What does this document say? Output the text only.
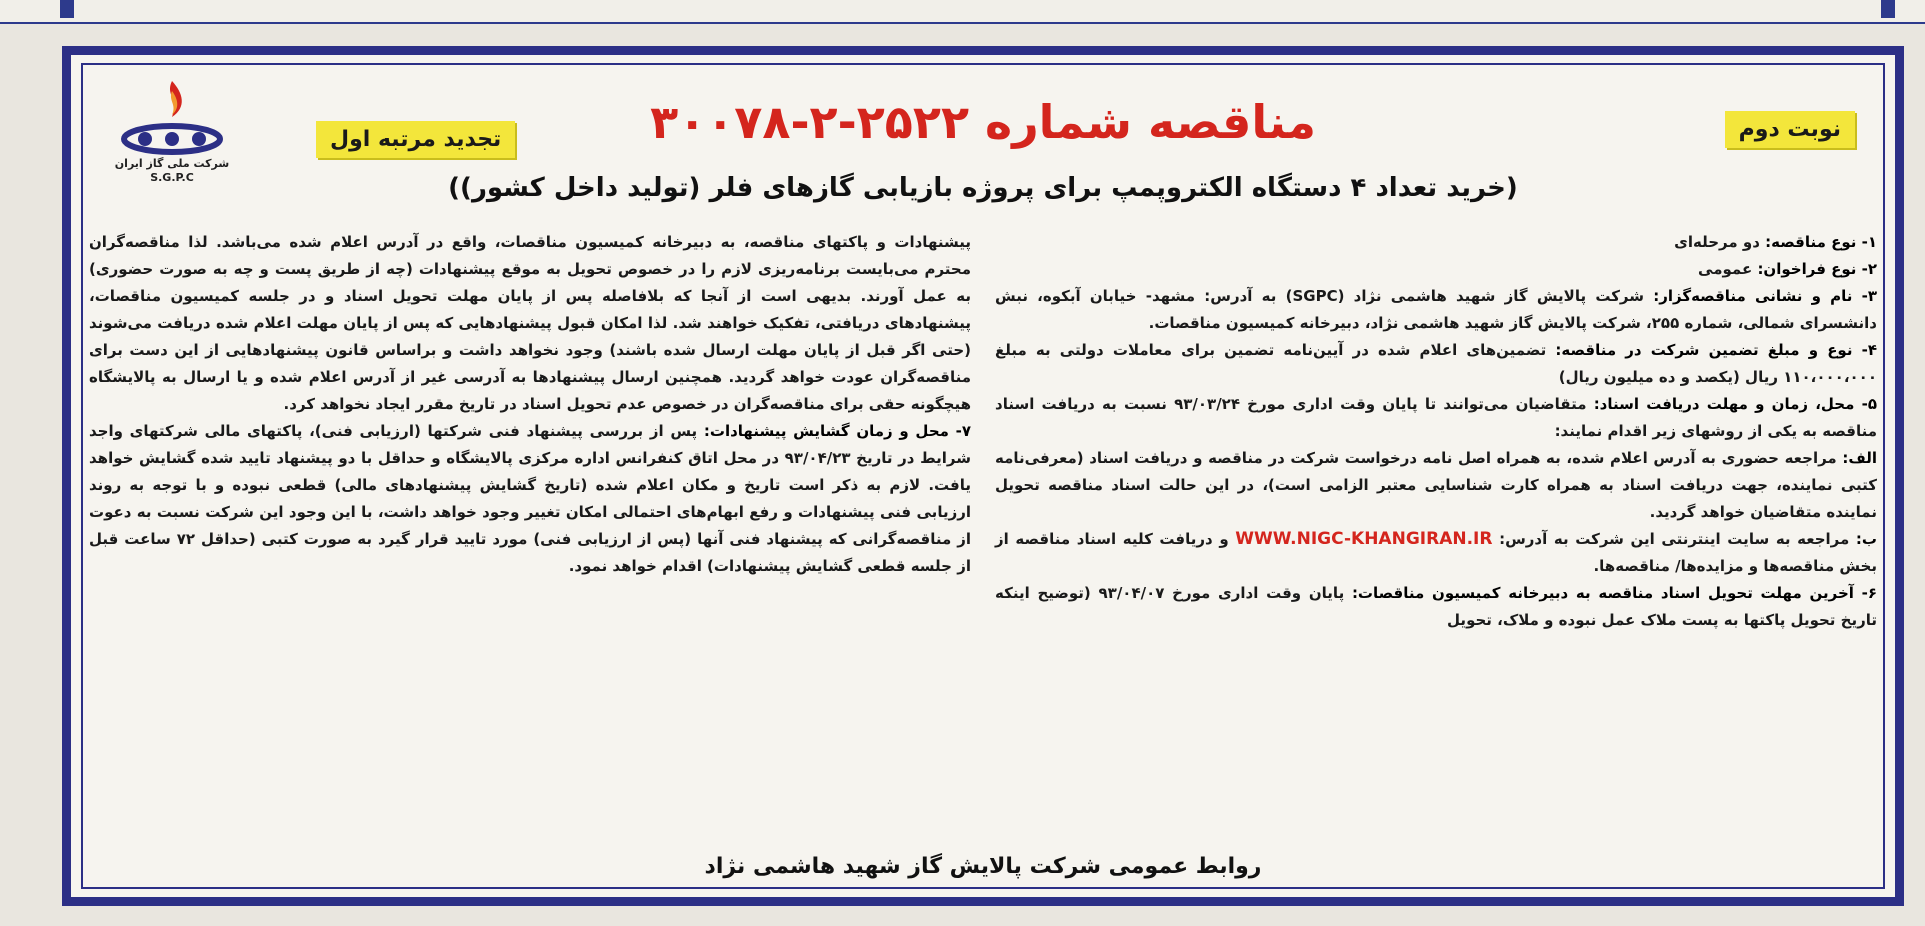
شرکت ملی گاز ایران
S.G.P.C
تجدید مرتبه اول	نوبت دوم
مناقصه شماره ۲۵۲۲-۲-۳۰۰۷۸
(خرید تعداد ۴ دستگاه الکتروپمپ برای پروژه بازیابی گازهای فلر (تولید داخل کشور))

۱- نوع مناقصه: دو مرحله‌ای

۲- نوع فراخوان: عمومی

۳- نام و نشانی مناقصه‌گزار: شرکت پالایش گاز شهید هاشمی نژاد (SGPC) به آدرس: مشهد- خیابان آبکوه، نبش دانشسرای شمالی، شماره ۲۵۵، شرکت پالایش گاز شهید هاشمی نژاد، دبیرخانه کمیسیون مناقصات.

۴- نوع و مبلغ تضمین شرکت در مناقصه: تضمین‌های اعلام شده در آیین‌نامه تضمین برای معاملات دولتی به مبلغ ۱۱۰،۰۰۰،۰۰۰ ریال (یکصد و ده میلیون ریال)

۵- محل، زمان و مهلت دریافت اسناد: متقاضیان می‌توانند تا پایان وقت اداری مورخ ۹۳/۰۳/۲۴ نسبت به دریافت اسناد مناقصه به یکی از روشهای زیر اقدام نمایند:

الف: مراجعه حضوری به آدرس اعلام شده، به همراه اصل نامه درخواست شرکت در مناقصه و دریافت اسناد (معرفی‌نامه کتبی نماینده، جهت دریافت اسناد به همراه کارت شناسایی معتبر الزامی است)، در این حالت اسناد مناقصه تحویل نماینده متقاضیان خواهد گردید.

ب: مراجعه به سایت اینترنتی این شرکت به آدرس: WWW.NIGC-KHANGIRAN.IR و دریافت کلیه اسناد مناقصه از بخش مناقصه‌ها و مزایده‌ها/ مناقصه‌ها.

۶- آخرین مهلت تحویل اسناد مناقصه به دبیرخانه کمیسیون مناقصات: پایان وقت اداری مورخ ۹۳/۰۴/۰۷ (توضیح اینکه تاریخ تحویل پاکتها به پست ملاک عمل نبوده و ملاک، تحویل

پیشنهادات و پاکتهای مناقصه، به دبیرخانه کمیسیون مناقصات، واقع در آدرس اعلام شده می‌باشد. لذا مناقصه‌گران محترم می‌بایست برنامه‌ریزی لازم را در خصوص تحویل به موقع پیشنهادات (چه از طریق پست و چه به صورت حضوری) به عمل آورند. بدیهی است از آنجا که بلافاصله پس از پایان مهلت تحویل اسناد و در جلسه کمیسیون مناقصات، پیشنهادهای دریافتی، تفکیک خواهند شد. لذا امکان قبول پیشنهادهایی که پس از پایان مهلت اعلام شده دریافت می‌شوند (حتی اگر قبل از پایان مهلت ارسال شده باشند) وجود نخواهد داشت و براساس قانون پیشنهادهایی از این دست برای مناقصه‌گران عودت خواهد گردید. همچنین ارسال پیشنهادها به آدرسی غیر از آدرس اعلام شده و یا ارسال به پالایشگاه هیچگونه حقی برای مناقصه‌گران در خصوص عدم تحویل اسناد در تاریخ مقرر ایجاد نخواهد کرد.

۷- محل و زمان گشایش پیشنهادات: پس از بررسی پیشنهاد فنی شرکتها (ارزیابی فنی)، پاکتهای مالی شرکتهای واجد شرایط در تاریخ ۹۳/۰۴/۲۳ در محل اتاق کنفرانس اداره مرکزی پالایشگاه و حداقل با دو پیشنهاد تایید شده گشایش خواهد یافت. لازم به ذکر است تاریخ و مکان اعلام شده (تاریخ گشایش پیشنهادهای مالی) قطعی نبوده و با توجه به روند ارزیابی فنی پیشنهادات و رفع ابهام‌های احتمالی امکان تغییر وجود خواهد داشت، با این وجود این شرکت نسبت به دعوت از مناقصه‌گرانی که پیشنهاد فنی آنها (پس از ارزیابی فنی) مورد تایید قرار گیرد به صورت کتبی (حداقل ۷۲ ساعت قبل از جلسه قطعی گشایش پیشنهادات) اقدام خواهد نمود.

روابط عمومی شرکت پالایش گاز شهید هاشمی نژاد
